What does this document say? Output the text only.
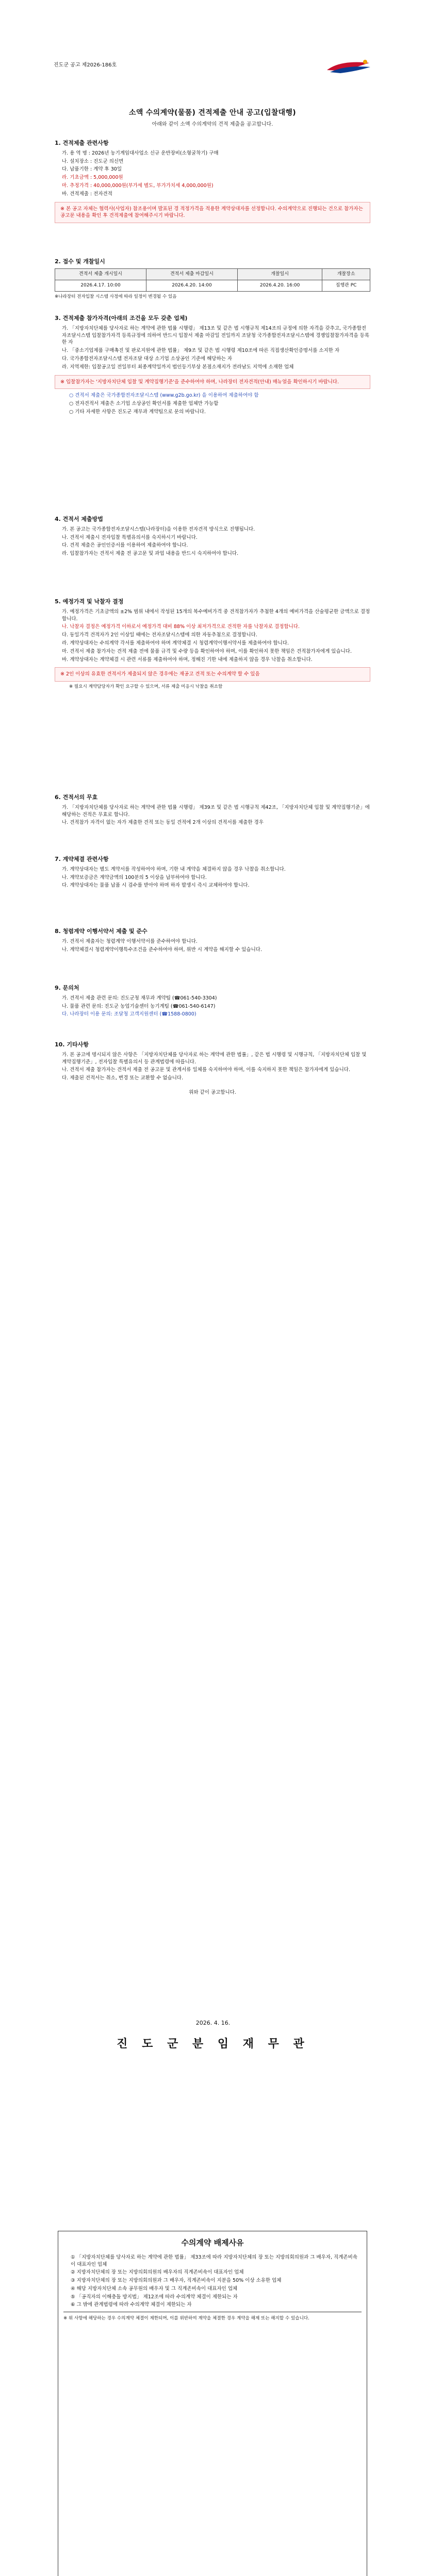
진도군 공고 제2026-186호
소액 수의계약(물품) 견적제출 안내 공고(입찰대행)
아래와 같이 소액 수의계약의 견적 제출을 공고합니다.
1. 견적제출 관련사항
가. 용 역 명 : 2026년 농기계임대사업소 신규 운반장비(소형굴착기) 구매
나. 설치장소 : 진도군 의신면
다. 납품기한 : 계약 후 30일
라. 기초금액 : 5,000,000원
마. 추정가격 : 40,000,000원(부가세 별도, 부가가치세 4,000,000원)
바. 견적제출 : 전자견적
※ 본 공고 자체는 협력사(사업자) 참조용이며 발표된 경 적정가격을 적용한 계약상대자를 선정합니다. 수의계약으로 진행되는 건으로 참가자는 공고문 내용을 확인 후 견적제출에 참여해주시기 바랍니다.
2. 접수 및 개찰일시
견적서 제출 개시일시	견적서 제출 마감일시	개찰일시	개찰장소
2026.4.17. 10:00	2026.4.20. 14:00	2026.4.20. 16:00	집행관 PC
※나라장터 전자입찰 시스템 사정에 따라 일정이 변경될 수 있음
3. 견적제출 참가자격(아래의 조건을 모두 갖춘 업체)
가. 「지방자치단체를 당사자로 하는 계약에 관한 법률 시행령」 제13조 및 같은 법 시행규칙 제14조의 규정에 의한 자격을 갖추고, 국가종합전자조달시스템 입찰참가자격 등록규정에 의하여 반드시 입찰서 제출 마감일 전일까지 조달청 국가종합전자조달시스템에 경쟁입찰참가자격을 등록한 자
나. 「중소기업제품 구매촉진 및 판로지원에 관한 법률」 제9조 및 같은 법 시행령 제10조에 따른 직접생산확인증명서를 소지한 자
다. 국가종합전자조달시스템 전자조달 대상 소기업 소상공인 기준에 해당하는 자
라. 지역제한: 입찰공고일 전일부터 최종계약일까지 법인등기부상 본점소재지가 전라남도 지역에 소재한 업체
※ 입찰참가자는 '지방자치단체 입찰 및 계약집행기준'을 준수하여야 하며, 나라장터 전자견적(안내) 매뉴얼을 확인하시기 바랍니다.
○ 견적서 제출은 국가종합전자조달시스템 (www.g2b.go.kr) 을 이용하여 제출하여야 함
○ 전자견적서 제출은 소기업 소상공인 확인서를 제출한 업체만 가능함
○ 기타 자세한 사항은 진도군 재무과 계약팀으로 문의 바랍니다.
4. 견적서 제출방법
가. 본 공고는 국가종합전자조달시스템(나라장터)을 이용한 전자견적 방식으로 진행됩니다.
나. 견적서 제출시 전자입찰 특별유의서를 숙지하시기 바랍니다.
다. 견적 제출은 공인인증서를 이용하여 제출하여야 합니다.
라. 입찰참가자는 견적서 제출 전 공고문 및 과업 내용을 반드시 숙지하여야 합니다.
5. 예정가격 및 낙찰자 결정
가. 예정가격은 기초금액의 ±2% 범위 내에서 작성된 15개의 복수예비가격 중 견적참가자가 추첨한 4개의 예비가격을 산술평균한 금액으로 결정합니다.
나. 낙찰자 결정은 예정가격 이하로서 예정가격 대비 88% 이상 최저가격으로 견적한 자를 낙찰자로 결정합니다.
다. 동일가격 견적자가 2인 이상일 때에는 전자조달시스템에 의한 자동추첨으로 결정합니다.
라. 계약상대자는 수의계약 각서를 제출하여야 하며 계약체결 시 청렴계약이행서약서를 제출하여야 합니다.
마. 견적서 제출 참가자는 견적 제출 전에 물품 규격 및 수량 등을 확인하여야 하며, 이를 확인하지 못한 책임은 견적참가자에게 있습니다.
바. 계약상대자는 계약체결 시 관련 서류를 제출하여야 하며, 정해진 기한 내에 제출하지 않을 경우 낙찰을 취소합니다.
※ 2인 이상의 유효한 견적서가 제출되지 않은 경우에는 재공고 견적 또는 수의계약 할 수 있음
※ 필요시 계약담당자가 확인 요구할 수 있으며, 서류 제출 미응시 낙찰을 취소함
6. 견적서의 무효
가. 「지방자치단체를 당사자로 하는 계약에 관한 법률 시행령」 제39조 및 같은 법 시행규칙 제42조, 「지방자치단체 입찰 및 계약집행기준」에 해당하는 견적은 무효로 합니다.
나. 견적참가 자격이 없는 자가 제출한 견적 또는 동일 견적에 2개 이상의 견적서를 제출한 경우
7. 계약체결 관련사항
가. 계약상대자는 별도 계약서를 작성하여야 하며, 기한 내 계약을 체결하지 않을 경우 낙찰을 취소합니다.
나. 계약보증금은 계약금액의 100분의 5 이상을 납부하여야 합니다.
다. 계약상대자는 물품 납품 시 검수를 받아야 하며 하자 발생시 즉시 교체하여야 합니다.
8. 청렴계약 이행서약서 제출 및 준수
가. 견적서 제출자는 청렴계약 이행서약서를 준수하여야 합니다.
나. 계약체결시 청렴계약이행특수조건을 준수하여야 하며, 위반 시 계약을 해지할 수 있습니다.
9. 문의처
가. 견적서 제출 관련 문의: 진도군청 재무과 계약팀 (☎061-540-3304)
나. 물품 관련 문의: 진도군 농업기술센터 농기계팀 (☎061-540-6147)
다. 나라장터 이용 문의: 조달청 고객지원센터 (☎1588-0800)
10. 기타사항
가. 본 공고에 명시되지 않은 사항은 「지방자치단체를 당사자로 하는 계약에 관한 법률」, 같은 법 시행령 및 시행규칙, 「지방자치단체 입찰 및 계약집행기준」, 전자입찰 특별유의서 등 관계법령에 따릅니다.
나. 견적서 제출 참가자는 견적서 제출 전 공고문 및 관계서류 일체를 숙지하여야 하며, 이를 숙지하지 못한 책임은 참가자에게 있습니다.
다. 제출된 견적서는 취소, 변경 또는 교환할 수 없습니다.
위와 같이 공고합니다.
2026. 4. 16.
진 도 군 분 임 재 무 관
수의계약 배제사유
① 「지방자치단체를 당사자로 하는 계약에 관한 법률」 제33조에 따라 지방자치단체의 장 또는 지방의회의원과 그 배우자, 직계존비속이 대표자인 업체
② 지방자치단체의 장 또는 지방의회의원의 배우자의 직계존비속이 대표자인 업체
③ 지방자치단체의 장 또는 지방의회의원과 그 배우자, 직계존비속이 지분을 50% 이상 소유한 업체
④ 해당 지방자치단체 소속 공무원의 배우자 및 그 직계존비속이 대표자인 업체
⑤ 「공직자의 이해충돌 방지법」 제12조에 따라 수의계약 체결이 제한되는 자
⑥ 그 밖에 관계법령에 따라 수의계약 체결이 제한되는 자
※ 위 사항에 해당하는 경우 수의계약 체결이 제한되며, 이를 위반하여 계약을 체결한 경우 계약을 해제 또는 해지할 수 있습니다.
